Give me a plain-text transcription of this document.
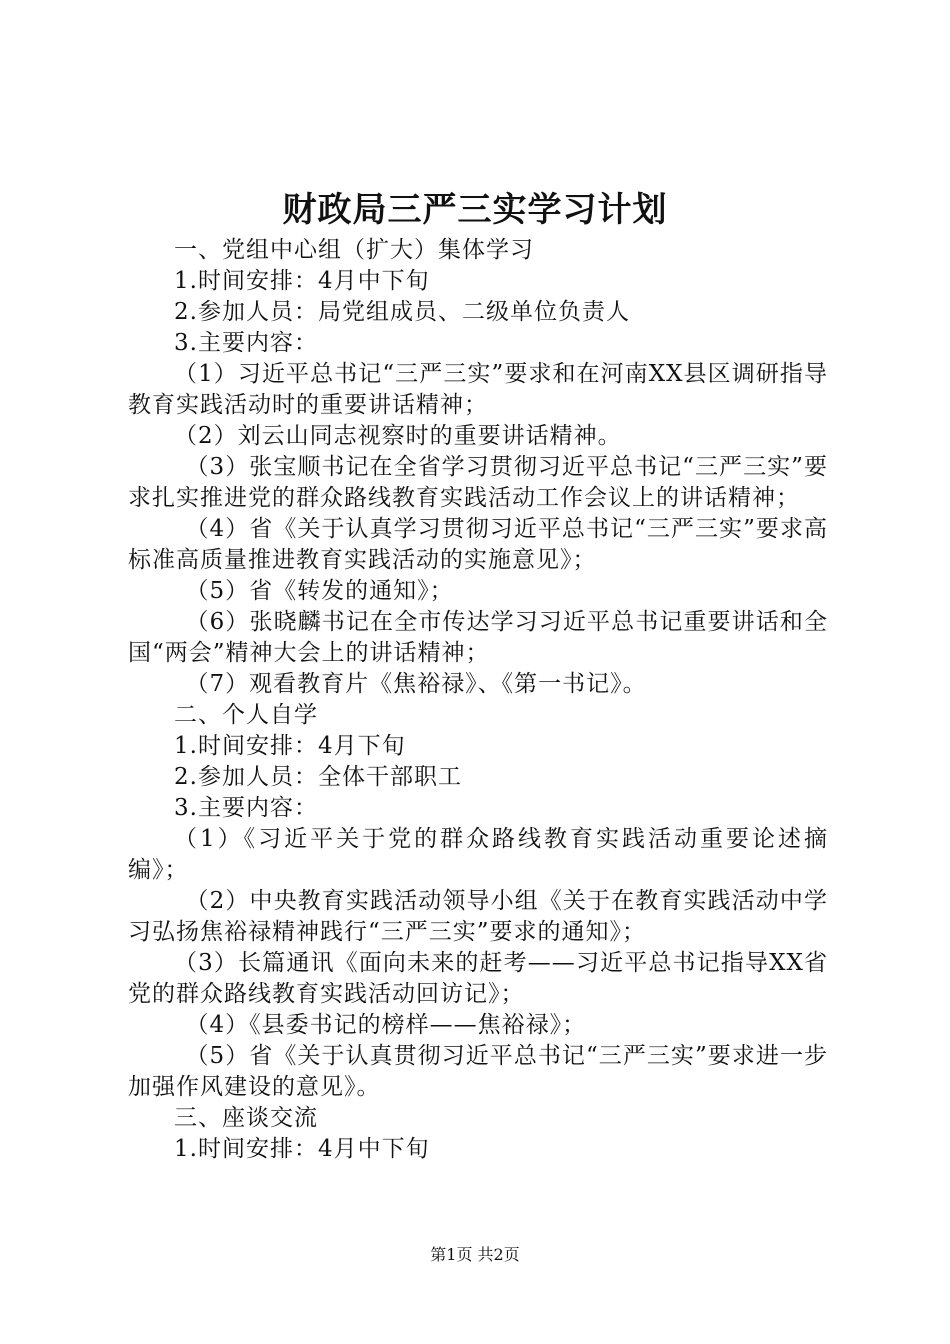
财政局三严三实学习计划

一、党组中心组（扩大）集体学习

1.时间安排：4月中下旬

2.参加人员：局党组成员、二级单位负责人

3.主要内容：

（1）习近平总书记“三严三实”要求和在河南XX县区调研指导教育实践活动时的重要讲话精神；

（2）刘云山同志视察时的重要讲话精神。

（3）张宝顺书记在全省学习贯彻习近平总书记“三严三实”要求扎实推进党的群众路线教育实践活动工作会议上的讲话精神；

（4）省《关于认真学习贯彻习近平总书记“三严三实”要求高标准高质量推进教育实践活动的实施意见》；

（5）省《转发的通知》；

（6）张晓麟书记在全市传达学习习近平总书记重要讲话和全国“两会”精神大会上的讲话精神；

（7）观看教育片《焦裕禄》、《第一书记》。

二、个人自学

1.时间安排：4月下旬

2.参加人员：全体干部职工

3.主要内容：

（1）《习近平关于党的群众路线教育实践活动重要论述摘编》；

（2）中央教育实践活动领导小组《关于在教育实践活动中学习弘扬焦裕禄精神践行“三严三实”要求的通知》；

（3）长篇通讯《面向未来的赶考——习近平总书记指导XX省党的群众路线教育实践活动回访记》；

（4）《县委书记的榜样——焦裕禄》；

（5）省《关于认真贯彻习近平总书记“三严三实”要求进一步加强作风建设的意见》。

三、座谈交流

1.时间安排：4月中下旬

第1页 共2页
